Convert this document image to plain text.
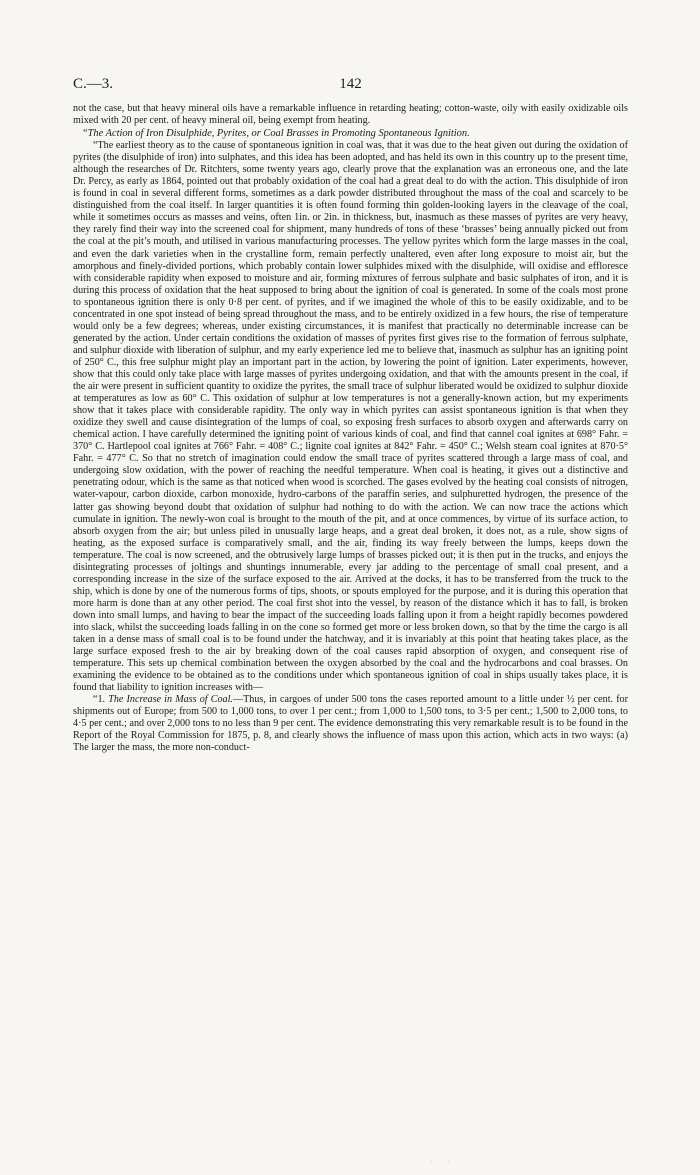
C.—3.	142

not the case, but that heavy mineral oils have a remarkable influence in retarding heating; cotton-waste, oily with easily oxidizable oils mixed with 20 per cent. of heavy mineral oil, being exempt from heating.

“The Action of Iron Disulphide, Pyrites, or Coal Brasses in Promoting Spontaneous Ignition.

“The earliest theory as to the cause of spontaneous ignition in coal was, that it was due to the heat given out during the oxidation of pyrites (the disulphide of iron) into sulphates, and this idea has been adopted, and has held its own in this country up to the present time, although the researches of Dr. Ritchters, some twenty years ago, clearly prove that the explanation was an erroneous one, and the late Dr. Percy, as early as 1864, pointed out that probably oxidation of the coal had a great deal to do with the action. This disulphide of iron is found in coal in several different forms, sometimes as a dark powder distributed throughout the mass of the coal and scarcely to be distinguished from the coal itself. In larger quantities it is often found forming thin golden-looking layers in the cleavage of the coal, while it sometimes occurs as masses and veins, often 1in. or 2in. in thickness, but, inasmuch as these masses of pyrites are very heavy, they rarely find their way into the screened coal for shipment, many hundreds of tons of these ‘brasses’ being annually picked out from the coal at the pit’s mouth, and utilised in various manufacturing processes. The yellow pyrites which form the large masses in the coal, and even the dark varieties when in the crystalline form, remain perfectly unaltered, even after long exposure to moist air, but the amorphous and finely-divided portions, which probably contain lower sulphides mixed with the disulphide, will oxidise and effloresce with considerable rapidity when exposed to moisture and air, forming mixtures of ferrous sulphate and basic sulphates of iron, and it is during this process of oxidation that the heat supposed to bring about the ignition of coal is generated. In some of the coals most prone to spontaneous ignition there is only 0·8 per cent. of pyrites, and if we imagined the whole of this to be easily oxidizable, and to be concentrated in one spot instead of being spread throughout the mass, and to be entirely oxidized in a few hours, the rise of temperature would only be a few degrees; whereas, under existing circumstances, it is manifest that practically no determinable increase can be generated by the action. Under certain conditions the oxidation of masses of pyrites first gives rise to the formation of ferrous sulphate, and sulphur dioxide with liberation of sulphur, and my early experience led me to believe that, inasmuch as sulphur has an igniting point of 250° C., this free sulphur might play an important part in the action, by lowering the point of ignition. Later experiments, however, show that this could only take place with large masses of pyrites undergoing oxidation, and that with the amounts present in the coal, if the air were present in sufficient quantity to oxidize the pyrites, the small trace of sulphur liberated would be oxidized to sulphur dioxide at temperatures as low as 60° C. This oxidation of sulphur at low temperatures is not a generally-known action, but my experiments show that it takes place with considerable rapidity. The only way in which pyrites can assist spontaneous ignition is that when they oxidize they swell and cause disintegration of the lumps of coal, so exposing fresh surfaces to absorb oxygen and afterwards carry on chemical action. I have carefully determined the igniting point of various kinds of coal, and find that cannel coal ignites at 698° Fahr. = 370° C. Hartlepool coal ignites at 766° Fahr. = 408° C.; lignite coal ignites at 842° Fahr. = 450° C.; Welsh steam coal ignites at 870·5° Fahr. = 477° C. So that no stretch of imagination could endow the small trace of pyrites scattered through a large mass of coal, and undergoing slow oxidation, with the power of reaching the needful temperature. When coal is heating, it gives out a distinctive and penetrating odour, which is the same as that noticed when wood is scorched. The gases evolved by the heating coal consists of nitrogen, water-vapour, carbon dioxide, carbon monoxide, hydro-carbons of the paraffin series, and sulphuretted hydrogen, the presence of the latter gas showing beyond doubt that oxidation of sulphur had nothing to do with the action. We can now trace the actions which cumulate in ignition. The newly-won coal is brought to the mouth of the pit, and at once commences, by virtue of its surface action, to absorb oxygen from the air; but unless piled in unusually large heaps, and a great deal broken, it does not, as a rule, show signs of heating, as the exposed surface is comparatively small, and the air, finding its way freely between the lumps, keeps down the temperature. The coal is now screened, and the obtrusively large lumps of brasses picked out; it is then put in the trucks, and enjoys the disintegrating processes of joltings and shuntings innumerable, every jar adding to the percentage of small coal present, and a corresponding increase in the size of the surface exposed to the air. Arrived at the docks, it has to be transferred from the truck to the ship, which is done by one of the numerous forms of tips, shoots, or spouts employed for the purpose, and it is during this operation that more harm is done than at any other period. The coal first shot into the vessel, by reason of the distance which it has to fall, is broken down into small lumps, and having to bear the impact of the succeeding loads falling upon it from a height rapidly becomes powdered into slack, whilst the succeeding loads falling in on the cone so formed get more or less broken down, so that by the time the cargo is all taken in a dense mass of small coal is to be found under the hatchway, and it is invariably at this point that heating takes place, as the large surface exposed fresh to the air by breaking down of the coal causes rapid absorption of oxygen, and consequent rise of temperature. This sets up chemical combination between the oxygen absorbed by the coal and the hydrocarbons and coal brasses. On examining the evidence to be obtained as to the conditions under which spontaneous ignition of coal in ships usually takes place, it is found that liability to ignition increases with—

“1. The Increase in Mass of Coal.—Thus, in cargoes of under 500 tons the cases reported amount to a little under ½ per cent. for shipments out of Europe; from 500 to 1,000 tons, to over 1 per cent.; from 1,000 to 1,500 tons, to 3·5 per cent.; 1,500 to 2,000 tons, to 4·5 per cent.; and over 2,000 tons to no less than 9 per cent. The evidence demonstrating this very remarkable result is to be found in the Report of the Royal Commission for 1875, p. 8, and clearly shows the influence of mass upon this action, which acts in two ways: (a) The larger the mass, the more non-conduct-

· · ·
